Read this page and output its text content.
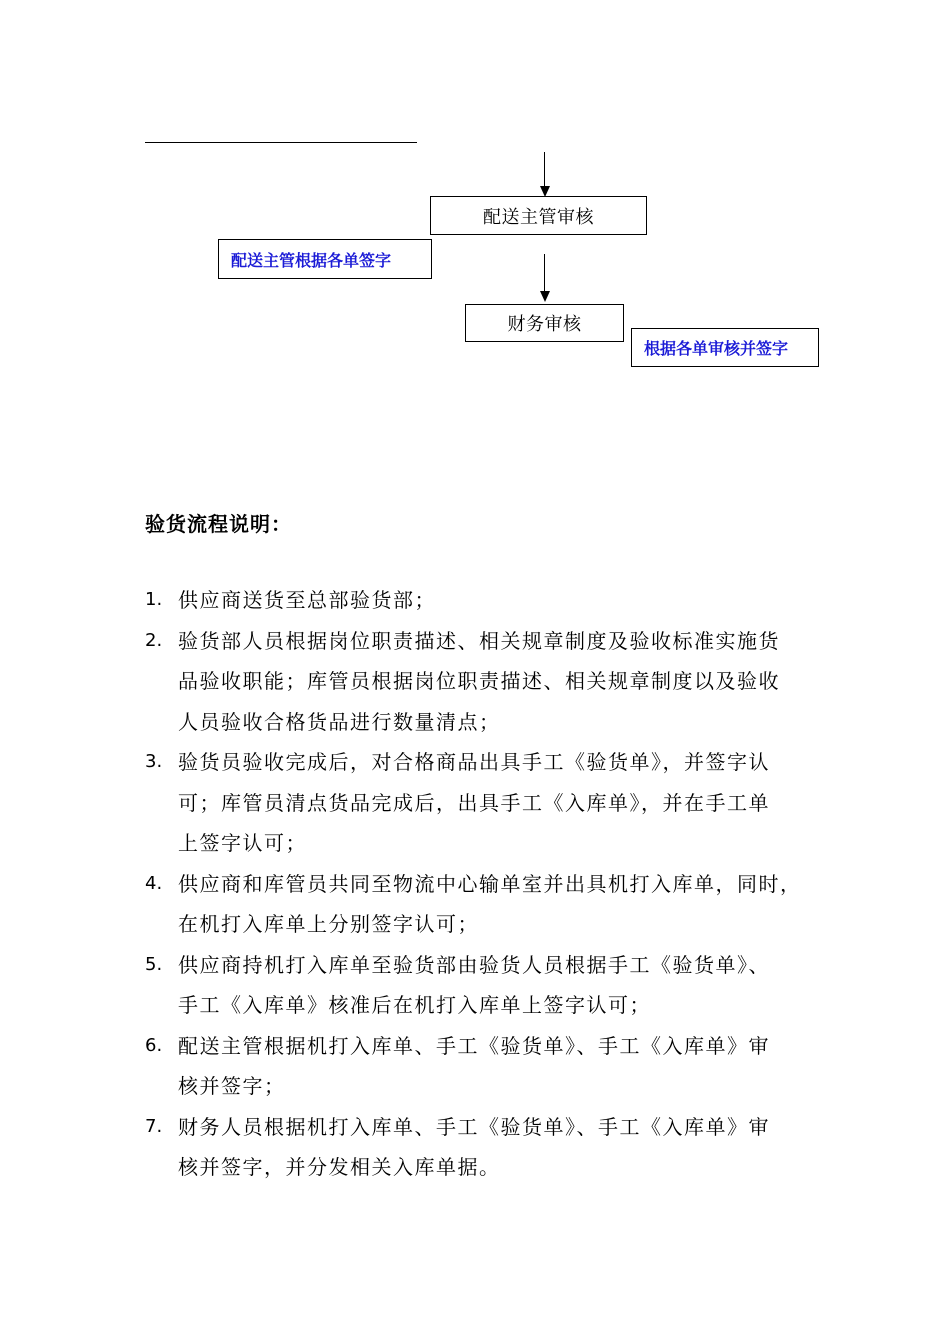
配送主管审核
配送主管根据各单签字
财务审核
根据各单审核并签字
验货流程说明：
1. 供应商送货至总部验货部；
2. 验货部人员根据岗位职责描述、相关规章制度及验收标准实施货
品验收职能；库管员根据岗位职责描述、相关规章制度以及验收
人员验收合格货品进行数量清点；
3. 验货员验收完成后，对合格商品出具手工《验货单》，并签字认
可；库管员清点货品完成后，出具手工《入库单》，并在手工单
上签字认可；
4. 供应商和库管员共同至物流中心输单室并出具机打入库单，同时，
在机打入库单上分别签字认可；
5. 供应商持机打入库单至验货部由验货人员根据手工《验货单》、
手工《入库单》核准后在机打入库单上签字认可；
6. 配送主管根据机打入库单、手工《验货单》、手工《入库单》审
核并签字；
7. 财务人员根据机打入库单、手工《验货单》、手工《入库单》审
核并签字，并分发相关入库单据。
